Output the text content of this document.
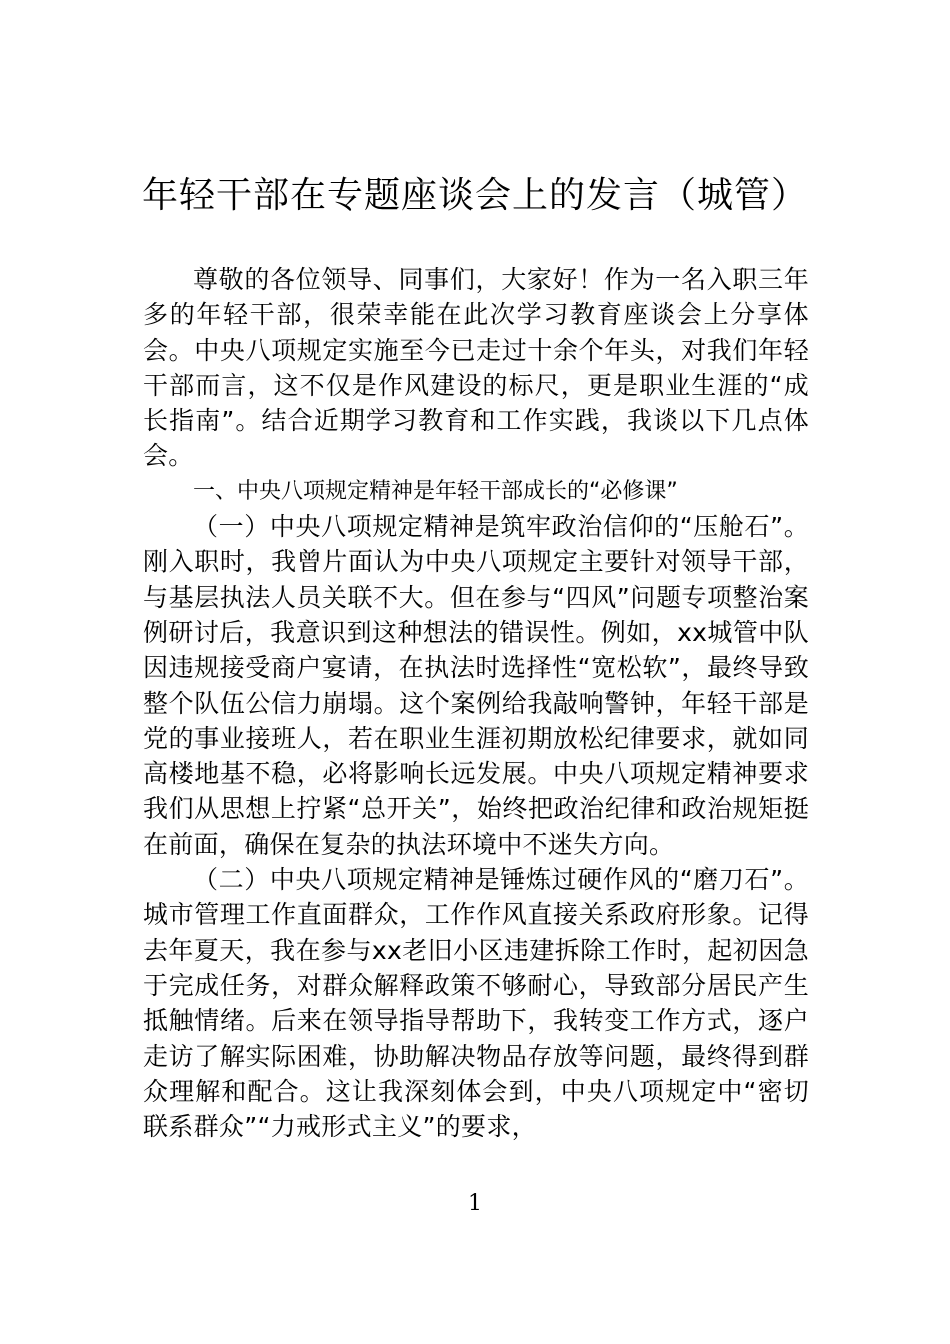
年轻干部在专题座谈会上的发言（城管）

尊敬的各位领导、同事们，大家好！作为一名入职三年多的年轻干部，很荣幸能在此次学习教育座谈会上分享体会。中央八项规定实施至今已走过十余个年头，对我们年轻干部而言，这不仅是作风建设的标尺，更是职业生涯的“成长指南”。结合近期学习教育和工作实践，我谈以下几点体会。

一、中央八项规定精神是年轻干部成长的“必修课”

（一）中央八项规定精神是筑牢政治信仰的“压舱石”。刚入职时，我曾片面认为中央八项规定主要针对领导干部，与基层执法人员关联不大。但在参与“四风”问题专项整治案例研讨后，我意识到这种想法的错误性。例如，xx城管中队因违规接受商户宴请，在执法时选择性“宽松软”，最终导致整个队伍公信力崩塌。这个案例给我敲响警钟，年轻干部是党的事业接班人，若在职业生涯初期放松纪律要求，就如同高楼地基不稳，必将影响长远发展。中央八项规定精神要求我们从思想上拧紧“总开关”，始终把政治纪律和政治规矩挺在前面，确保在复杂的执法环境中不迷失方向。

（二）中央八项规定精神是锤炼过硬作风的“磨刀石”。城市管理工作直面群众，工作作风直接关系政府形象。记得去年夏天，我在参与xx老旧小区违建拆除工作时，起初因急于完成任务，对群众解释政策不够耐心，导致部分居民产生抵触情绪。后来在领导指导帮助下，我转变工作方式，逐户走访了解实际困难，协助解决物品存放等问题，最终得到群众理解和配合。这让我深刻体会到，中央八项规定中“密切联系群众”“力戒形式主义”的要求，

1
